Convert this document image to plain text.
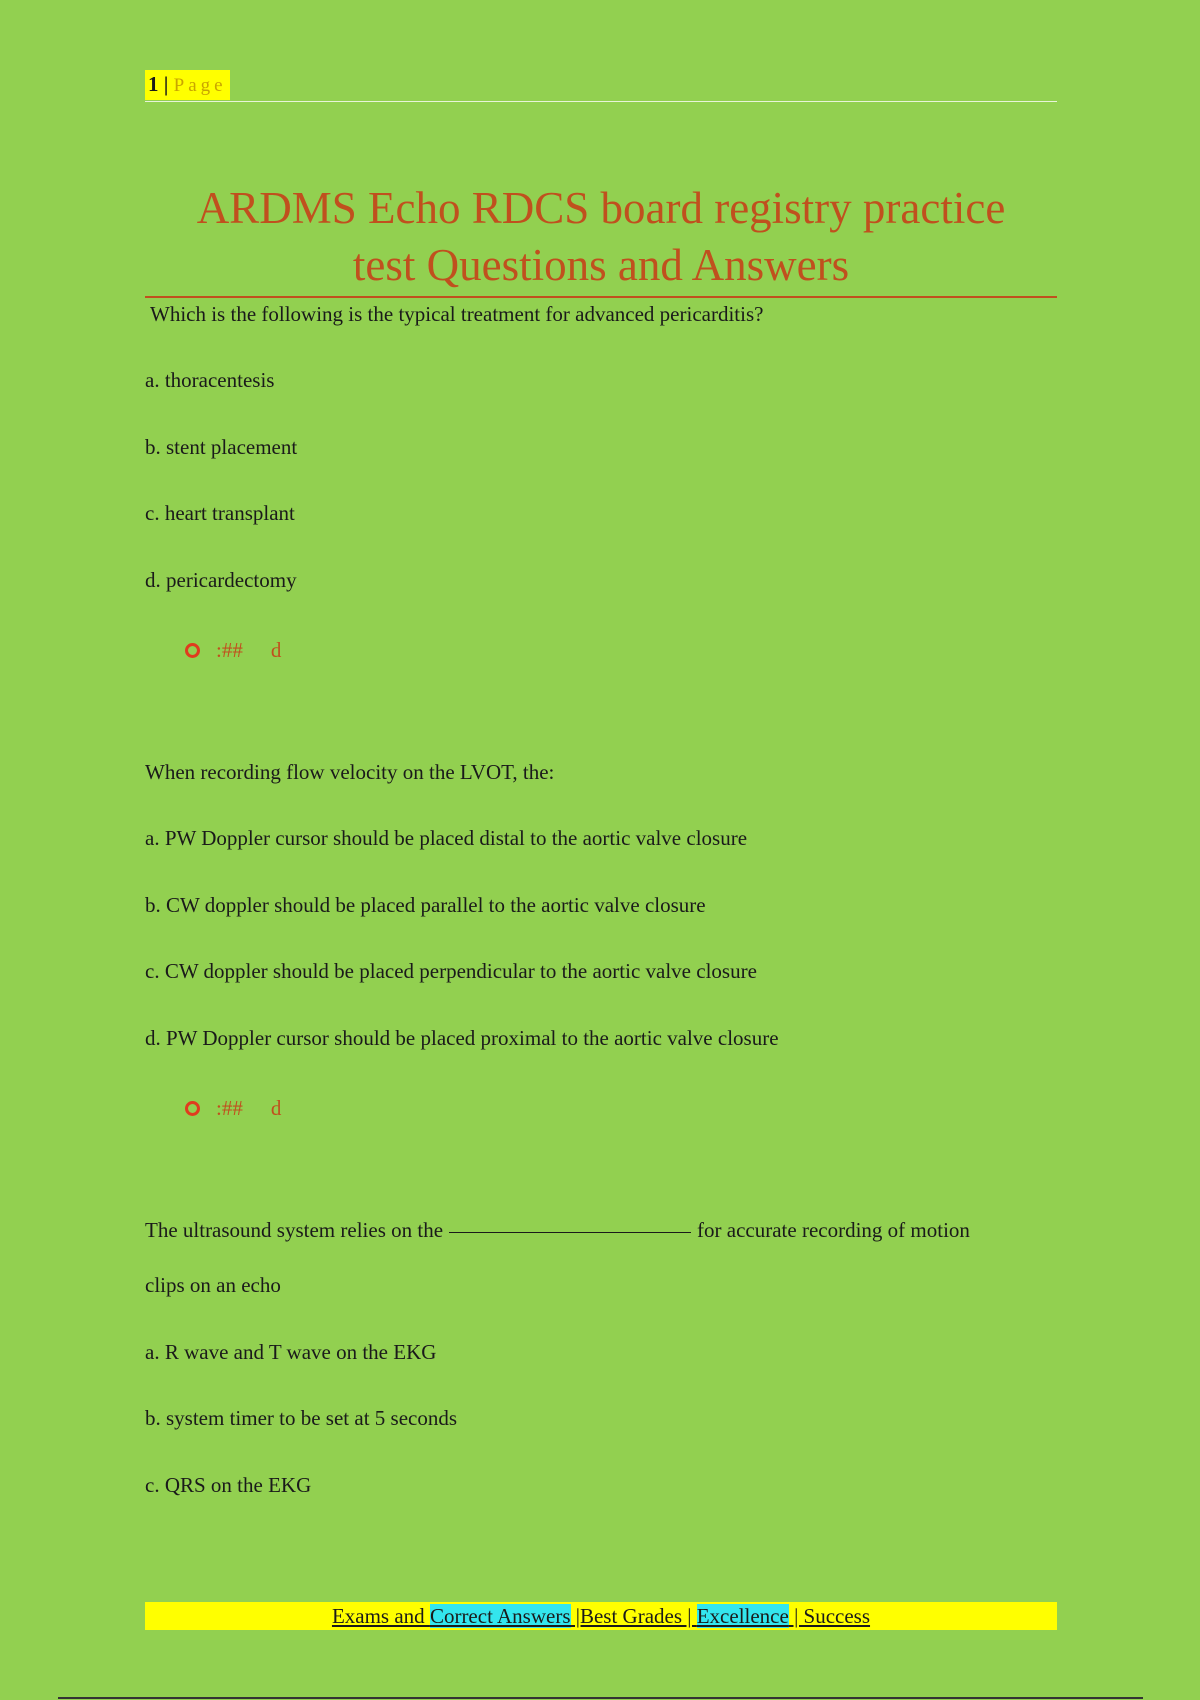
1 | Page
ARDMS Echo RDCS board registry practice
test Questions and Answers
Which is the following is the typical treatment for advanced pericarditis?
a. thoracentesis
b. stent placement
c. heart transplant
d. pericardectomy
:## d
When recording flow velocity on the LVOT, the:
a. PW Doppler cursor should be placed distal to the aortic valve closure
b. CW doppler should be placed parallel to the aortic valve closure
c. CW doppler should be placed perpendicular to the aortic valve closure
d. PW Doppler cursor should be placed proximal to the aortic valve closure
:## d
The ultrasound system relies on the	for accurate recording of motion
clips on an echo
a. R wave and T wave on the EKG
b. system timer to be set at 5 seconds
c. QRS on the EKG
Exams and Correct Answers |Best Grades | Excellence | Success
